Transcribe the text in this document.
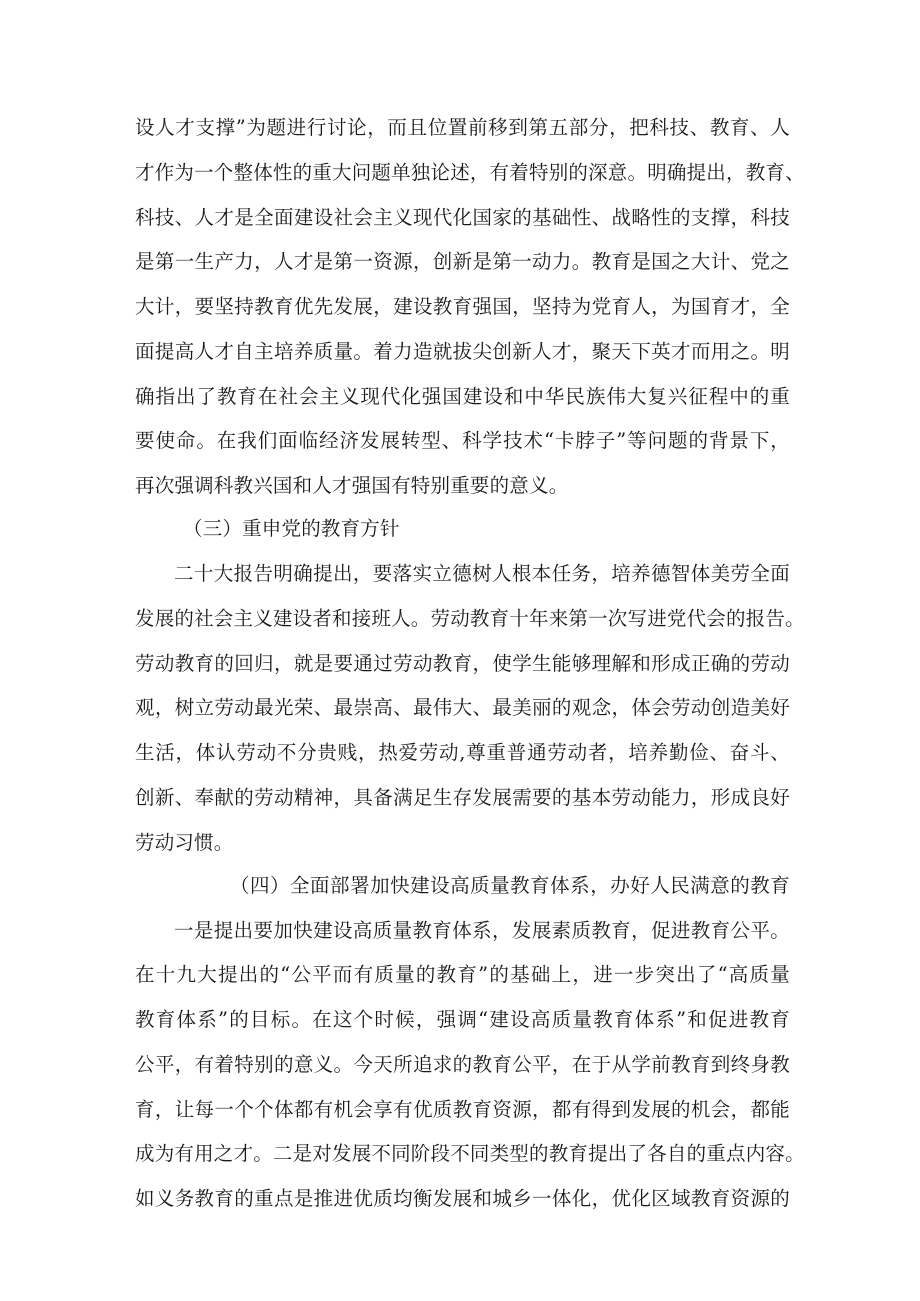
设人才支撑”为题进行讨论，而且位置前移到第五部分，把科技、教育、人
才作为一个整体性的重大问题单独论述，有着特别的深意。明确提出，教育、
科技、人才是全面建设社会主义现代化国家的基础性、战略性的支撑，科技
是第一生产力，人才是第一资源，创新是第一动力。教育是国之大计、党之
大计，要坚持教育优先发展，建设教育强国，坚持为党育人，为国育才，全
面提高人才自主培养质量。着力造就拔尖创新人才，聚天下英才而用之。明
确指出了教育在社会主义现代化强国建设和中华民族伟大复兴征程中的重
要使命。在我们面临经济发展转型、科学技术“卡脖子”等问题的背景下，
再次强调科教兴国和人才强国有特别重要的意义。
（三）重申党的教育方针
二十大报告明确提出，要落实立德树人根本任务，培养德智体美劳全面
发展的社会主义建设者和接班人。劳动教育十年来第一次写进党代会的报告。
劳动教育的回归，就是要通过劳动教育，使学生能够理解和形成正确的劳动
观，树立劳动最光荣、最崇高、最伟大、最美丽的观念，体会劳动创造美好
生活，体认劳动不分贵贱，热爱劳动,尊重普通劳动者，培养勤俭、奋斗、
创新、奉献的劳动精神，具备满足生存发展需要的基本劳动能力，形成良好
劳动习惯。
（四）全面部署加快建设高质量教育体系，办好人民满意的教育
一是提出要加快建设高质量教育体系，发展素质教育，促进教育公平。
在十九大提出的“公平而有质量的教育”的基础上，进一步突出了“高质量
教育体系”的目标。在这个时候，强调“建设高质量教育体系”和促进教育
公平，有着特别的意义。今天所追求的教育公平，在于从学前教育到终身教
育，让每一个个体都有机会享有优质教育资源，都有得到发展的机会，都能
成为有用之才。二是对发展不同阶段不同类型的教育提出了各自的重点内容。
如义务教育的重点是推进优质均衡发展和城乡一体化，优化区域教育资源的
